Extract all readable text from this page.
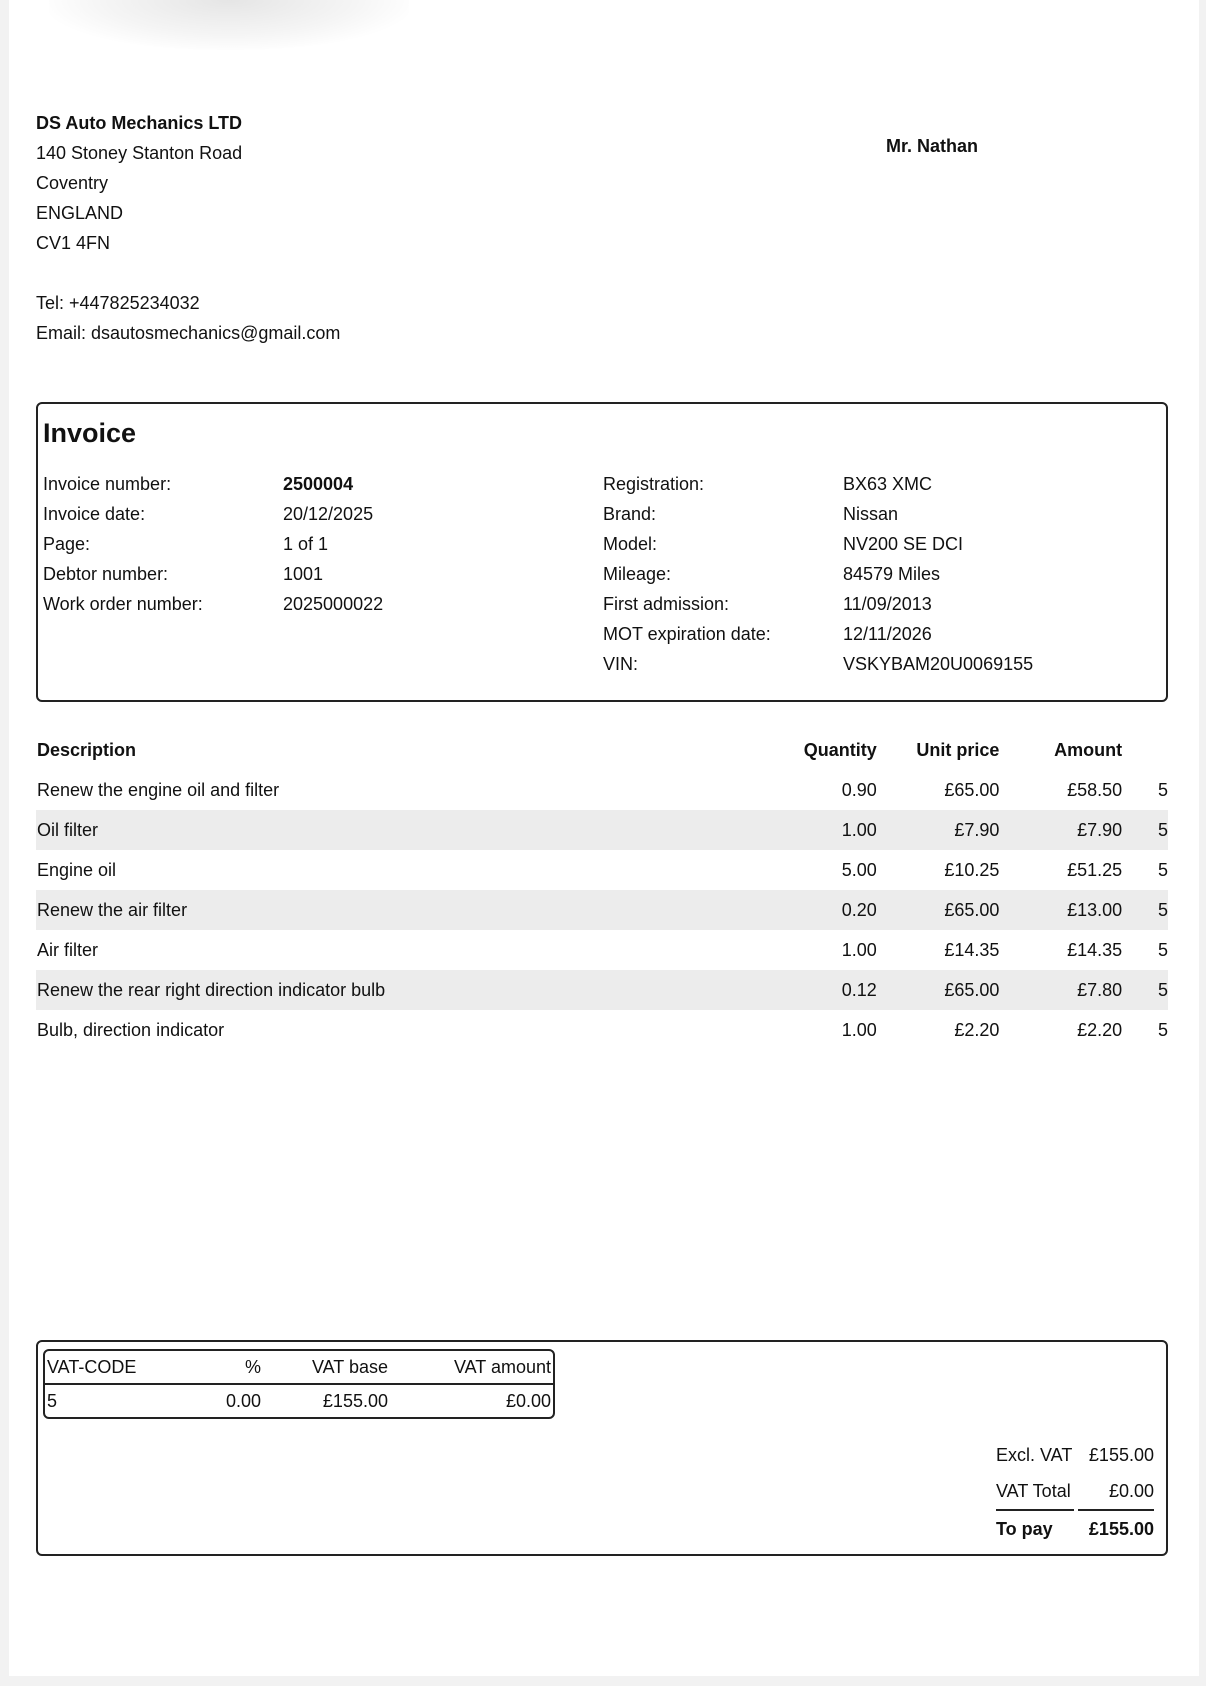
DS Auto Mechanics LTD
140 Stoney Stanton Road
Coventry
ENGLAND
CV1 4FN
Tel: +447825234032
Email: dsautosmechanics@gmail.com
Mr. Nathan
Invoice
Invoice number:	2500004
Invoice date:	20/12/2025
Page:	1 of 1
Debtor number:	1001
Work order number:	2025000022
Registration:	BX63 XMC
Brand:	Nissan
Model:	NV200 SE DCI
Mileage:	84579 Miles
First admission:	11/09/2013
MOT expiration date:	12/11/2026
VIN:	VSKYBAM20U0069155
Description	Quantity	Unit price	Amount
Renew the engine oil and filter	0.90	£65.00	£58.50	5
Oil filter	1.00	£7.90	£7.90	5
Engine oil	5.00	£10.25	£51.25	5
Renew the air filter	0.20	£65.00	£13.00	5
Air filter	1.00	£14.35	£14.35	5
Renew the rear right direction indicator bulb	0.12	£65.00	£7.80	5
Bulb, direction indicator	1.00	£2.20	£2.20	5
VAT-CODE	%	VAT base	VAT amount
5	0.00	£155.00	£0.00
Excl. VAT £155.00
VAT Total £0.00
To pay £155.00
